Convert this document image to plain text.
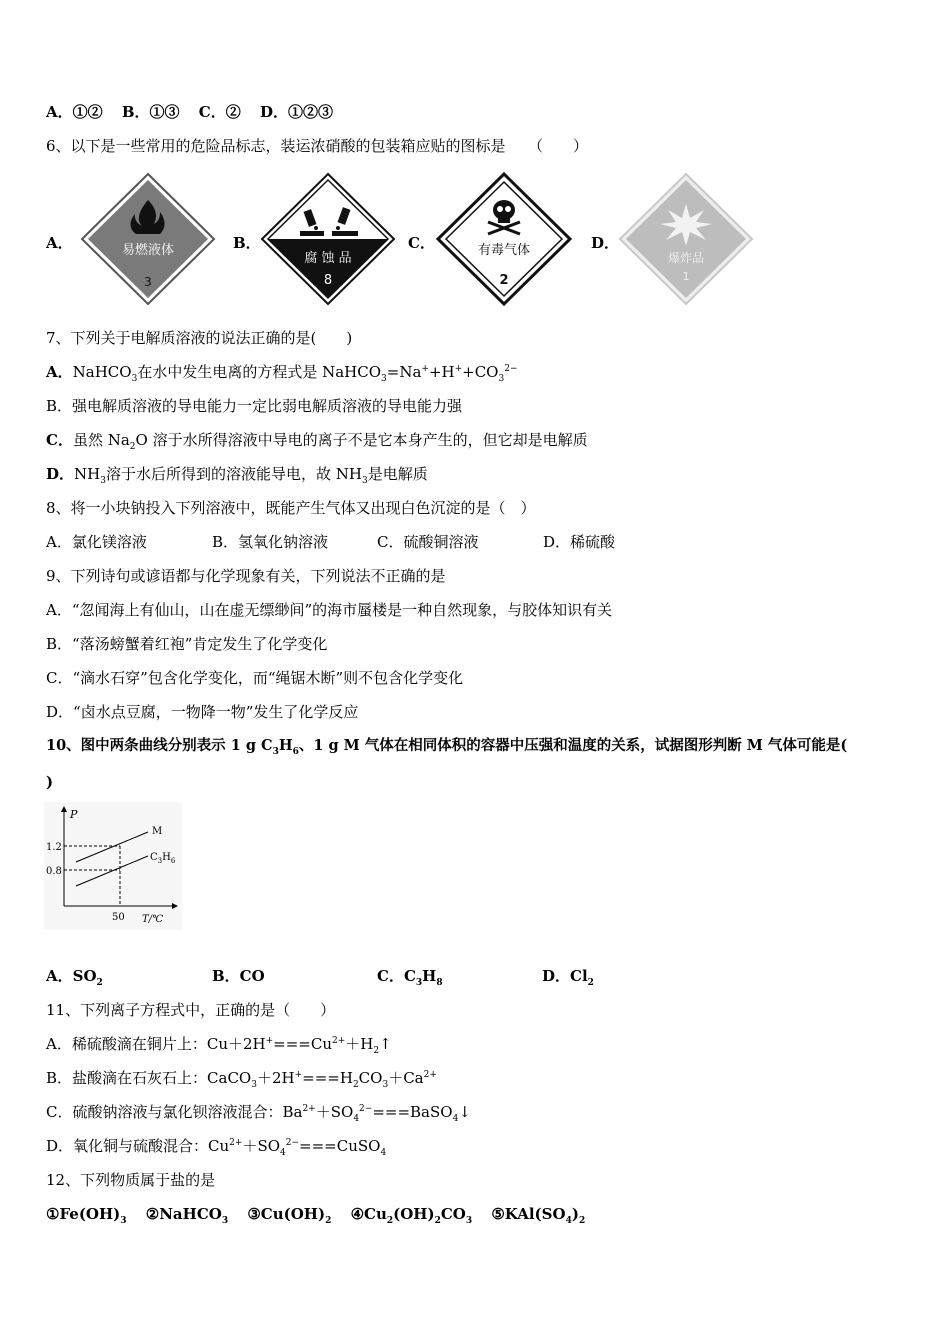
A．①② B．①③ C．② D．①②③
6、以下是一些常用的危险品标志，装运浓硝酸的包装箱应贴的图标是　　（　　）
A．	易燃液体
3
B．
腐 蚀 品
8
C．	有毒气体
2
D．
爆炸品
1
7、下列关于电解质溶液的说法正确的是(　　)
A．NaHCO$_3$在水中发生电离的方程式是 $NaHCO_3=Na^++H^++CO_3^{2-}$
B．强电解质溶液的导电能力一定比弱电解质溶液的导电能力强
C．虽然 $Na_2O$ 溶于水所得溶液中导电的离子不是它本身产生的，但它却是电解质
D．$NH_3$溶于水后所得到的溶液能导电，故 $NH_3$是电解质
8、将一小块钠投入下列溶液中，既能产生气体又出现白色沉淀的是（　）
A．氯化镁溶液	B．氢氧化钠溶液	C．硫酸铜溶液	D．稀硫酸
9、下列诗句或谚语都与化学现象有关，下列说法不正确的是
A．“忽闻海上有仙山，山在虚无缥缈间”的海市蜃楼是一种自然现象，与胶体知识有关
B．“落汤螃蟹着红袍”肯定发生了化学变化
C．“滴水石穿”包含化学变化，而“绳锯木断”则不包含化学变化
D．“卤水点豆腐，一物降一物”发生了化学反应
10、图中两条曲线分别表示 1 g $C_3H_6$、1 g M 气体在相同体积的容器中压强和温度的关系，试据图形判断 M 气体可能是(
)
P
T/℃
1.2
0.8
50
M
$C_3H_6$
A．$SO_2$	B．CO	C．$C_3H_8$	D．$Cl_2$
11、下列离子方程式中，正确的是（　　）
A．稀硫酸滴在铜片上：$Cu+2H^+===Cu^{2+}+H_2↑$
B．盐酸滴在石灰石上：$CaCO_3+2H^+===H_2CO_3+Ca^{2+}$
C．硫酸钠溶液与氯化钡溶液混合：$Ba^{2+}+SO_4^{2-}===BaSO_4↓$
D．氧化铜与硫酸混合：$Cu^{2+}+SO_4^{2-}===CuSO_4$
12、下列物质属于盐的是
$①Fe(OH)_3$ ②NaHCO$_3$ $③Cu(OH)_2$ $④Cu_2(OH)_2CO_3$ $⑤KAl(SO_4)_2$
